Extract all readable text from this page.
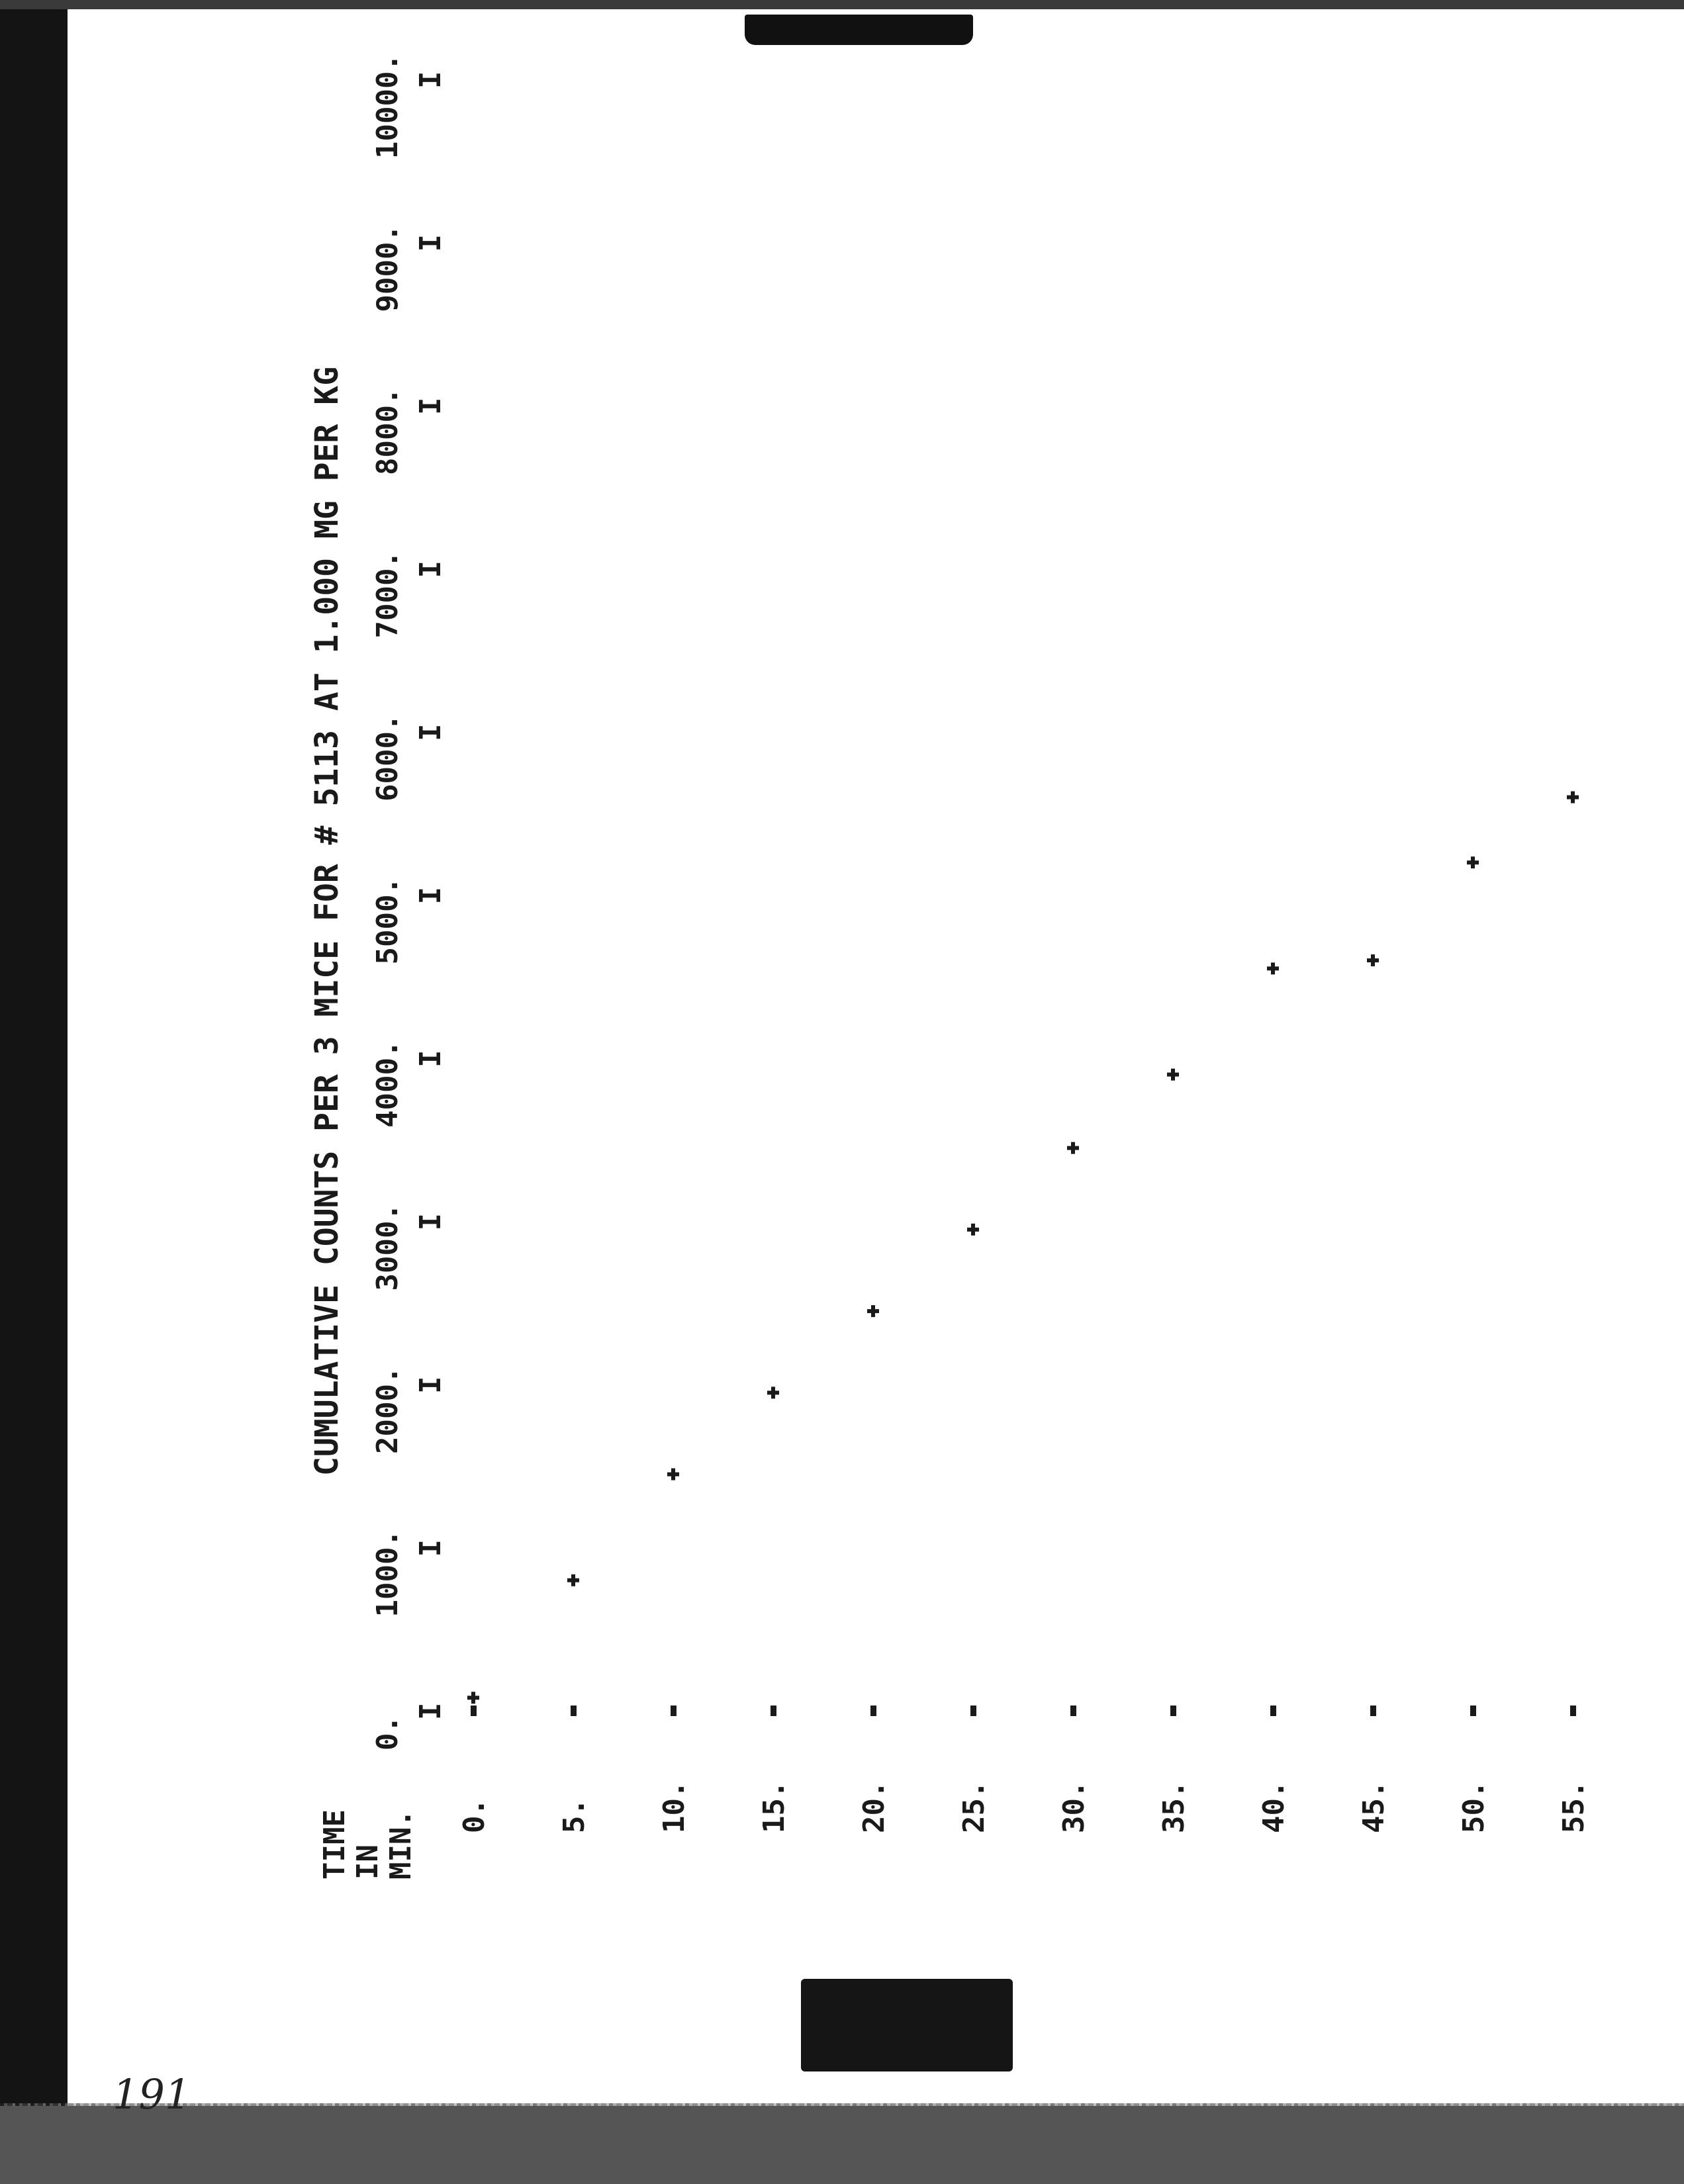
191
CUMULATIVE COUNTS PER 3 MICE FOR # 5113 AT 1.000 MG PER KG
TIME IN MIN.
0.
I
1000. I
2000. I
3000. I
4000. I
5000. I
6000. I
7000. I
8000. I
9000. I
10000. I
0. 5. 10. 15. 20. 25. 30. 35. 40. 45. 50. 55.
